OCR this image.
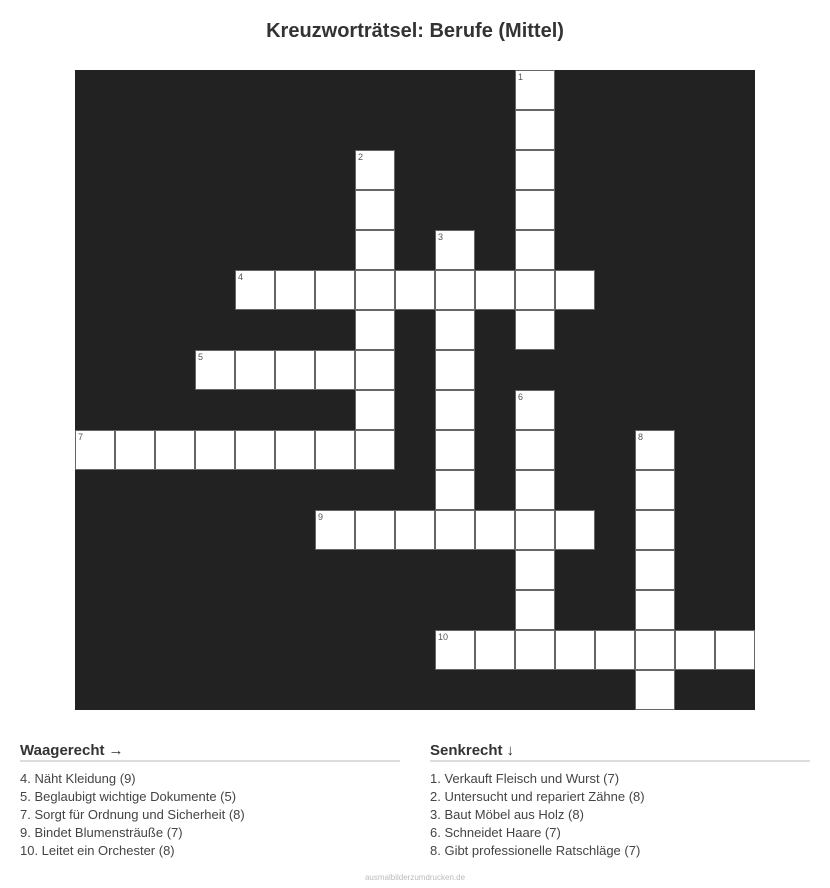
Kreuzworträtsel: Berufe (Mittel)
1
2
3
4
5
6
7	8
9
10
Waagerecht →
4. Näht Kleidung (9)
5. Beglaubigt wichtige Dokumente (5)
7. Sorgt für Ordnung und Sicherheit (8)
9. Bindet Blumensträuße (7)
10. Leitet ein Orchester (8)
Senkrecht ↓
1. Verkauft Fleisch und Wurst (7)
2. Untersucht und repariert Zähne (8)
3. Baut Möbel aus Holz (8)
6. Schneidet Haare (7)
8. Gibt professionelle Ratschläge (7)
ausmalbilderzumdrucken.de
